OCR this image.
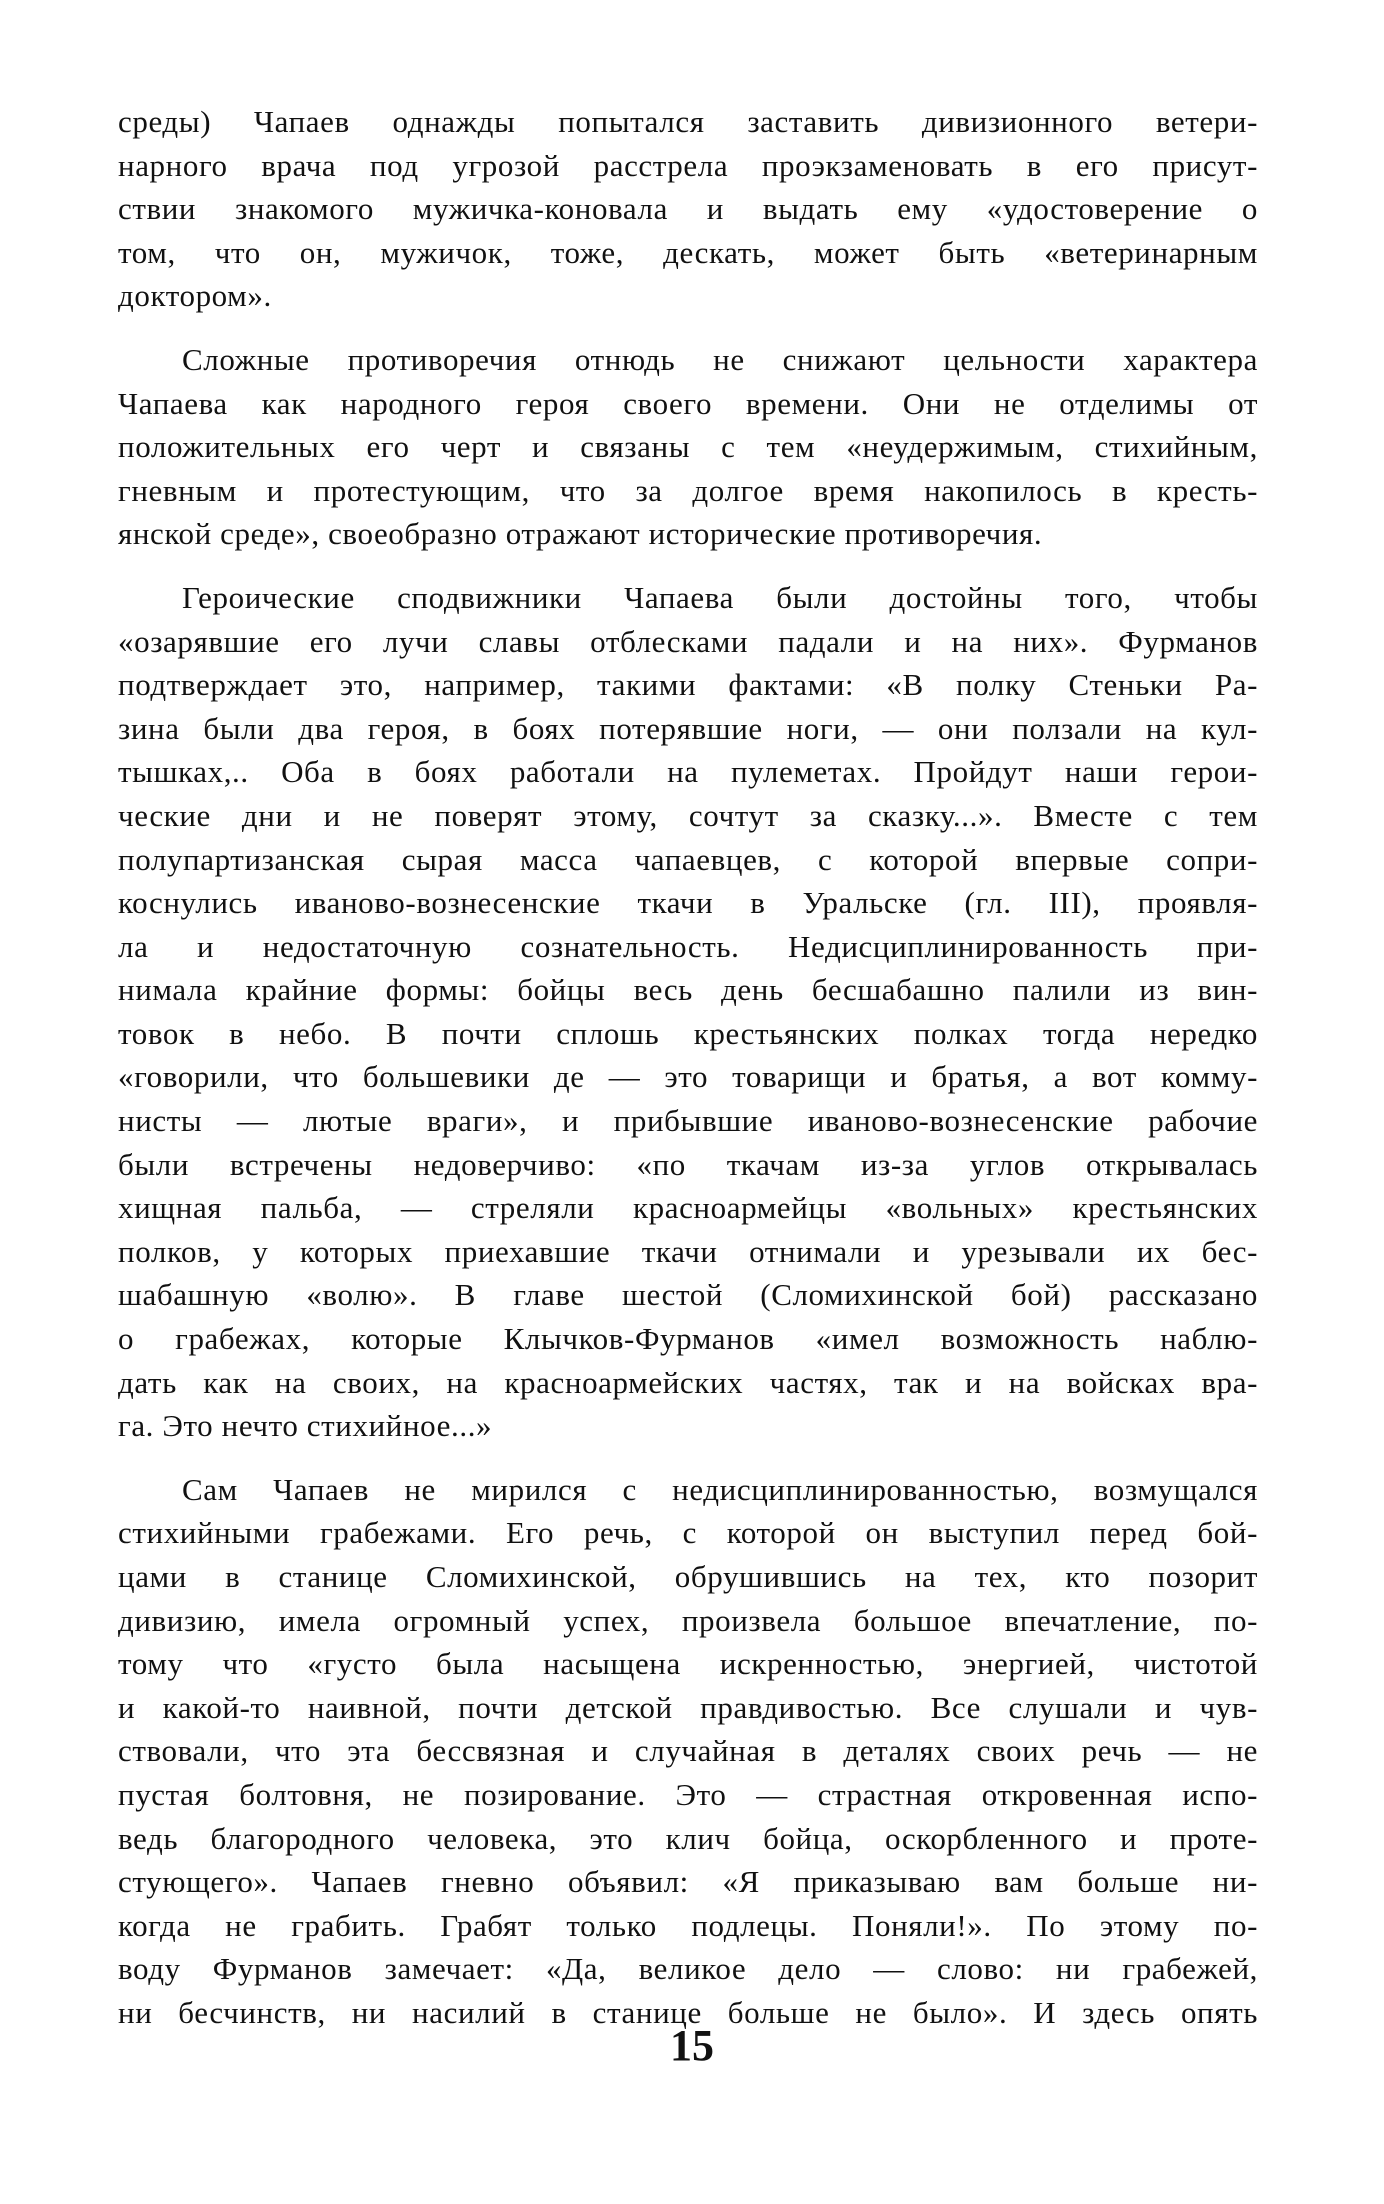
среды) Чапаев однажды попытался заставить дивизионного ветери-
нарного врача под угрозой расстрела проэкзаменовать в его присут-
ствии знакомого мужичка-коновала и выдать ему «удостоверение о
том, что он, мужичок, тоже, дескать, может быть «ветеринарным
доктором».
Сложные противоречия отнюдь не снижают цельности характера
Чапаева как народного героя своего времени. Они не отделимы от
положительных его черт и связаны с тем «неудержимым, стихийным,
гневным и протестующим, что за долгое время накопилось в кресть-
янской среде», своеобразно отражают исторические противоречия.
Героические сподвижники Чапаева были достойны того, чтобы
«озарявшие его лучи славы отблесками падали и на них». Фурманов
подтверждает это, например, такими фактами: «В полку Стеньки Ра-
зина были два героя, в боях потерявшие ноги, — они ползали на кул-
тышках,.. Оба в боях работали на пулеметах. Пройдут наши герои-
ческие дни и не поверят этому, сочтут за сказку...». Вместе с тем
полупартизанская сырая масса чапаевцев, с которой впервые сопри-
коснулись иваново-вознесенские ткачи в Уральске (гл. III), проявля-
ла и недостаточную сознательность. Недисциплинированность при-
нимала крайние формы: бойцы весь день бесшабашно палили из вин-
товок в небо. В почти сплошь крестьянских полках тогда нередко
«говорили, что большевики де — это товарищи и братья, а вот комму-
нисты — лютые враги», и прибывшие иваново-вознесенские рабочие
были встречены недоверчиво: «по ткачам из-за углов открывалась
хищная пальба, — стреляли красноармейцы «вольных» крестьянских
полков, у которых приехавшие ткачи отнимали и урезывали их бес-
шабашную «волю». В главе шестой (Сломихинской бой) рассказано
о грабежах, которые Клычков-Фурманов «имел возможность наблю-
дать как на своих, на красноармейских частях, так и на войсках вра-
га. Это нечто стихийное...»
Сам Чапаев не мирился с недисциплинированностью, возмущался
стихийными грабежами. Его речь, с которой он выступил перед бой-
цами в станице Сломихинской, обрушившись на тех, кто позорит
дивизию, имела огромный успех, произвела большое впечатление, по-
тому что «густо была насыщена искренностью, энергией, чистотой
и какой-то наивной, почти детской правдивостью. Все слушали и чув-
ствовали, что эта бессвязная и случайная в деталях своих речь — не
пустая болтовня, не позирование. Это — страстная откровенная испо-
ведь благородного человека, это клич бойца, оскорбленного и проте-
стующего». Чапаев гневно объявил: «Я приказываю вам больше ни-
когда не грабить. Грабят только подлецы. Поняли!». По этому по-
воду Фурманов замечает: «Да, великое дело — слово: ни грабежей,
ни бесчинств, ни насилий в станице больше не было». И здесь опять
15
